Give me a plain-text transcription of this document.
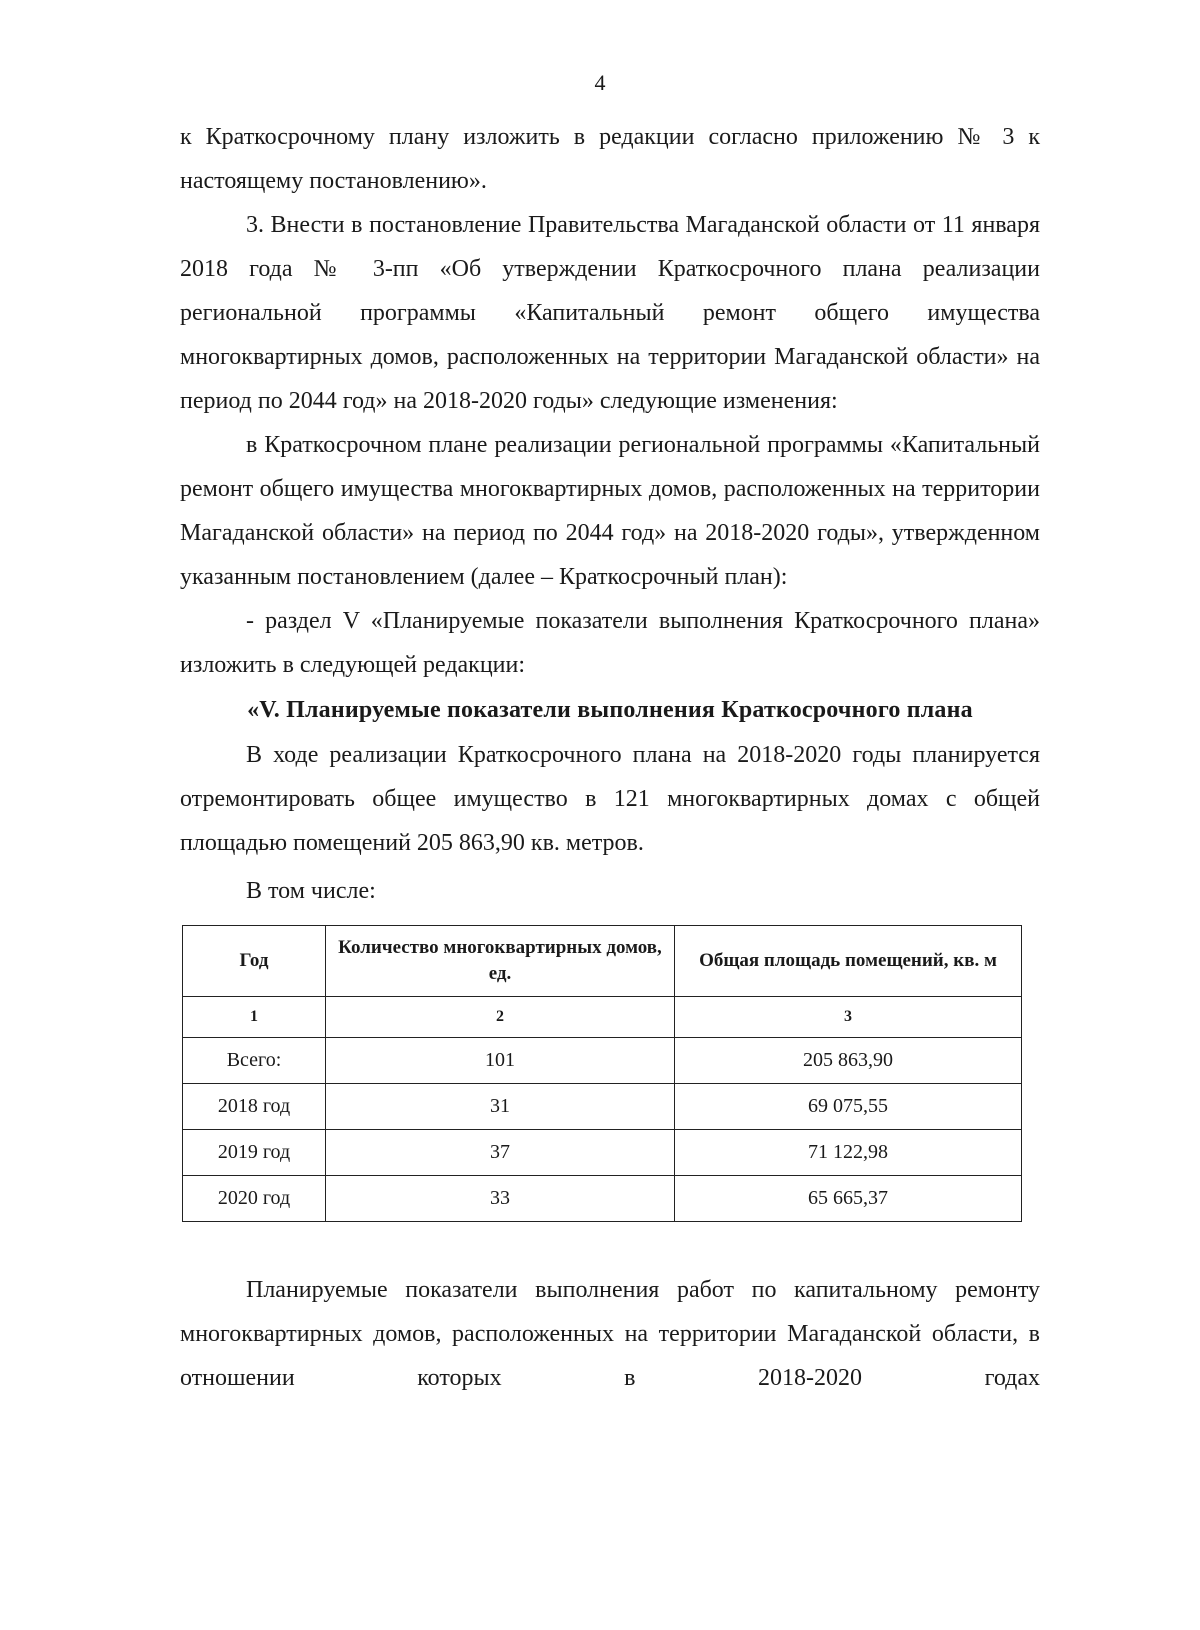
4

к Краткосрочному плану изложить в редакции согласно приложению № 3 к настоящему постановлению».

3. Внести в постановление Правительства Магаданской области от 11 января 2018 года № 3-пп «Об утверждении Краткосрочного плана реализации региональной программы «Капитальный ремонт общего имущества многоквартирных домов, расположенных на территории Магаданской области» на период по 2044 год» на 2018-2020 годы» следующие изменения:

в Краткосрочном плане реализации региональной программы «Капитальный ремонт общего имущества многоквартирных домов, расположенных на территории Магаданской области» на период по 2044 год» на 2018-2020 годы», утвержденном указанным постановлением (далее – Краткосрочный план):

- раздел V «Планируемые показатели выполнения Краткосрочного плана» изложить в следующей редакции:

«V. Планируемые показатели выполнения Краткосрочного плана

В ходе реализации Краткосрочного плана на 2018-2020 годы планируется отремонтировать общее имущество в 121 многоквартирных домах с общей площадью помещений 205 863,90 кв. метров.

В том числе:

Год	Количество многоквартирных домов, ед.	Общая площадь помещений, кв. м
1	2	3
Всего:	101	205 863,90
2018 год	31	69 075,55
2019 год	37	71 122,98
2020 год	33	65 665,37

Планируемые показатели выполнения работ по капитальному ремонту многоквартирных домов, расположенных на территории Магаданской области, в отношении которых в 2018-2020 годах
